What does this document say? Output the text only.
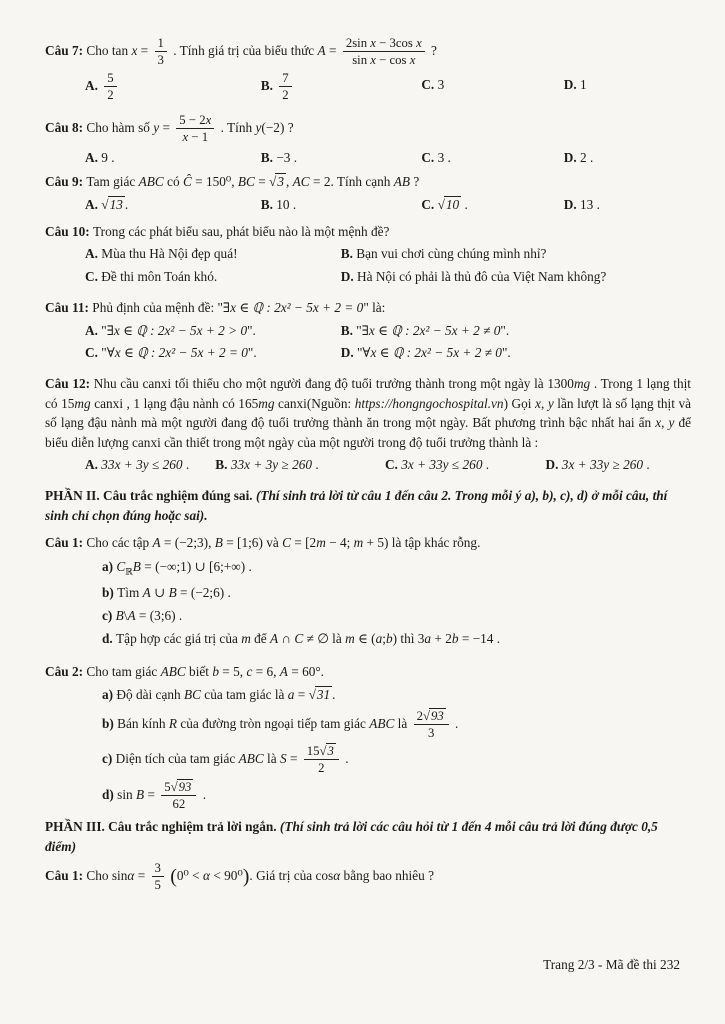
Câu 7: Cho $\tan x = \frac{1}{3}$ . Tính giá trị của biểu thức $A = \frac{\text{2sin x − 3cos x}}{\text{sin x − cos x}}$ ?
A. $\frac{5}{2}$	B. $\frac{7}{2}$	C. 3	D. 1
Câu 8: Cho hàm số $y = \frac{5 - 2x}{x - 1}$ . Tính y(−2) ?
A. 9 .	B. −3 .	C. 3 .	D. 2 .
Câu 9: Tam giác ABC có Ĉ = 150⁰, BC = √ 3 , AC = 2. Tính cạnh AB ?
A. √ 13 .	B. 10 .	C. √ 10 .	D. 13 .
Câu 10: Trong các phát biểu sau, phát biểu nào là một mệnh đề?
A. Mùa thu Hà Nội đẹp quá!	B. Bạn vui chơi cùng chúng mình nhỉ?
C. Đề thi môn Toán khó.	D. Hà Nội có phải là thủ đô của Việt Nam không?
Câu 11: Phủ định của mệnh đề: "∃x ∈ ℚ : 2x² − 5x + 2 = 0" là:
A. "∃x ∈ ℚ : 2x² − 5x + 2 > 0".	B. "∃x ∈ ℚ : 2x² − 5x + 2 ≠ 0".
C. "∀x ∈ ℚ : 2x² − 5x + 2 = 0".	D. "∀x ∈ ℚ : 2x² − 5x + 2 ≠ 0".
Câu 12: Nhu cầu canxi tối thiểu cho một người đang độ tuổi trưởng thành trong một ngày là 1300mg . Trong 1 lạng thịt có 15mg canxi , 1 lạng đậu nành có 165mg canxi(Nguồn: https://hongngochospital.vn) Gọi x, y lần lượt là số lạng thịt và số lạng đậu nành mà một người đang độ tuổi trưởng thành ăn trong một ngày. Bất phương trình bậc nhất hai ẩn x, y để biểu diễn lượng canxi cần thiết trong một ngày của một người trong độ tuổi trưởng thành là :
A. 33x + 3y ≤ 260 .	B. 33x + 3y ≥ 260 .	C. 3x + 33y ≤ 260 .	D. 3x + 33y ≥ 260 .
PHẦN II. Câu trắc nghiệm đúng sai. (Thí sinh trả lời từ câu 1 đến câu 2. Trong mỗi ý a), b), c), d) ở mỗi câu, thí sinh chỉ chọn đúng hoặc sai).
Câu 1: Cho các tập A = (−2;3), B = [1;6) và C = [2m − 4; m + 5) là tập khác rỗng.
a) $C_ℝB$ = (−∞;1) ∪ [6;+∞) .
b) Tìm A ∪ B = (−2;6) .
c) B\A = (3;6) .
d. Tập hợp các giá trị của m để A ∩ C ≠ ∅ là m ∈ (a;b) thì 3a + 2b = −14 .
Câu 2: Cho tam giác ABC biết b = 5, c = 6, A = 60°.
a) Độ dài cạnh BC của tam giác là a = √ 31 .
b) Bán kính R của đường tròn ngoại tiếp tam giác ABC là $\frac{2√ 93}{3}$ .
c) Diện tích của tam giác ABC là $S = \frac{15√ 3}{2}$ .
d) $\sin B = \frac{5√ 93}{62}$ .
PHẦN III. Câu trắc nghiệm trả lời ngắn. (Thí sinh trả lời các câu hỏi từ 1 đến 4 mỗi câu trả lời đúng được 0,5 điểm)
Câu 1: Cho $\sin\alpha = \frac{3}{5} (0^0 < \alpha < 90^0)$. Giá trị của cosα bằng bao nhiêu ?
Trang 2/3 - Mã đề thi 232
